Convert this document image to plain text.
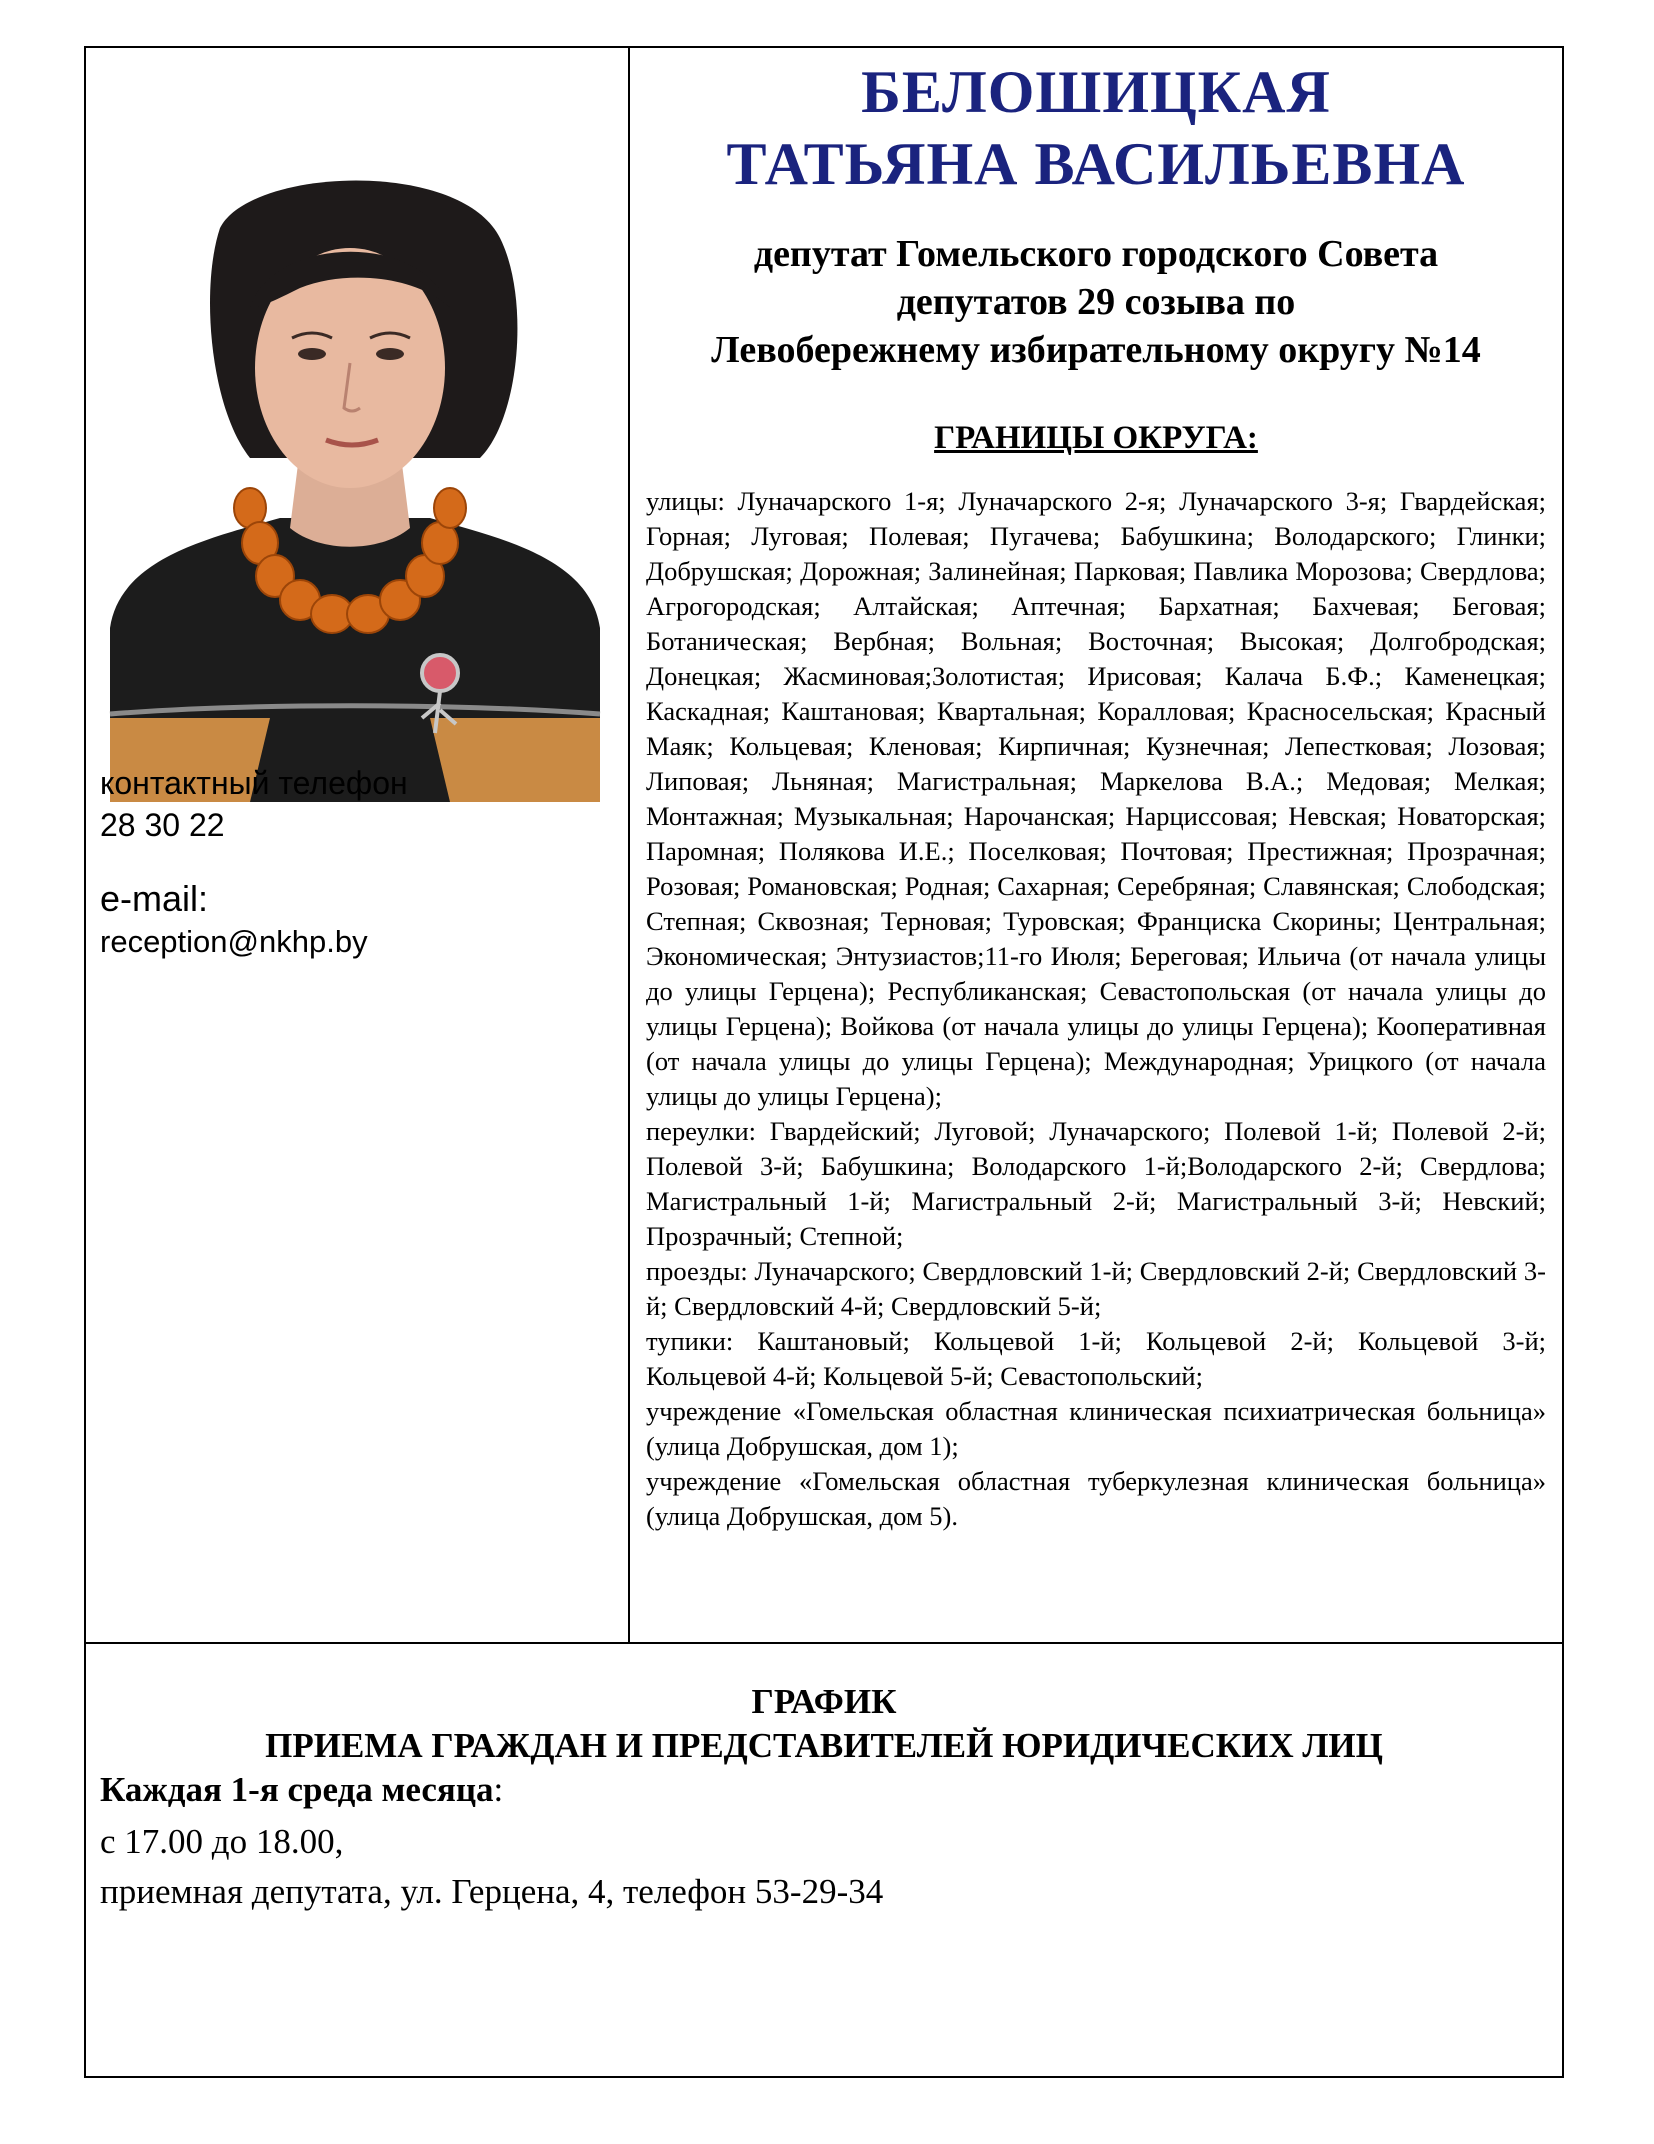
контактный телефон
28 30 22
e-mail:
reception@nkhp.by
БЕЛОШИЦКАЯ
ТАТЬЯНА ВАСИЛЬЕВНА
депутат Гомельского городского Совета
депутатов 29 созыва по
Левобережнему избирательному округу №14
ГРАНИЦЫ ОКРУГА:

улицы: Луначарского 1-я; Луначарского 2-я; Луначарского 3-я; Гвардейская; Горная; Луговая; Полевая; Пугачева; Бабушкина; Володарского; Глинки; Добрушская; Дорожная; Залинейная; Парковая; Павлика Морозова; Свердлова; Агрогородская; Алтайская; Аптечная; Бархатная; Бахчевая; Беговая; Ботаническая; Вербная; Вольная; Восточная; Высокая; Долгобродская; Донецкая; Жасминовая;Золотистая; Ирисовая; Калача Б.Ф.; Каменецкая; Каскадная; Каштановая; Квартальная; Коралловая; Красносельская; Красный Маяк; Кольцевая; Кленовая; Кирпичная; Кузнечная; Лепестковая; Лозовая; Липовая; Льняная; Магистральная; Маркелова В.А.; Медовая; Мелкая; Монтажная; Музыкальная; Нарочанская; Нарциссовая; Невская; Новаторская; Паромная; Полякова И.Е.; Поселковая; Почтовая; Престижная; Прозрачная; Розовая; Романовская; Родная; Сахарная; Серебряная; Славянская; Слободская; Степная; Сквозная; Терновая; Туровская; Франциска Скорины; Центральная; Экономическая; Энтузиастов;11-го Июля; Береговая; Ильича (от начала улицы до улицы Герцена); Республиканская; Севастопольская (от начала улицы до улицы Герцена); Войкова (от начала улицы до улицы Герцена); Кооперативная (от начала улицы до улицы Герцена); Международная; Урицкого (от начала улицы до улицы Герцена);

переулки: Гвардейский; Луговой; Луначарского; Полевой 1-й; Полевой 2-й; Полевой 3-й; Бабушкина; Володарского 1-й;Володарского 2-й; Свердлова; Магистральный 1-й; Магистральный 2-й; Магистральный 3-й; Невский; Прозрачный; Степной;

проезды: Луначарского; Свердловский 1-й; Свердловский 2-й; Свердловский 3-й; Свердловский 4-й; Свердловский 5-й;

тупики: Каштановый; Кольцевой 1-й; Кольцевой 2-й; Кольцевой 3-й; Кольцевой 4-й; Кольцевой 5-й; Севастопольский;

учреждение «Гомельская областная клиническая психиатрическая больница» (улица Добрушская, дом 1);

учреждение «Гомельская областная туберкулезная клиническая больница» (улица Добрушская, дом 5).

ГРАФИК
ПРИЕМА ГРАЖДАН И ПРЕДСТАВИТЕЛЕЙ ЮРИДИЧЕСКИХ ЛИЦ
Каждая 1-я среда месяца:
с 17.00 до 18.00,
приемная депутата, ул. Герцена, 4, телефон 53-29-34
